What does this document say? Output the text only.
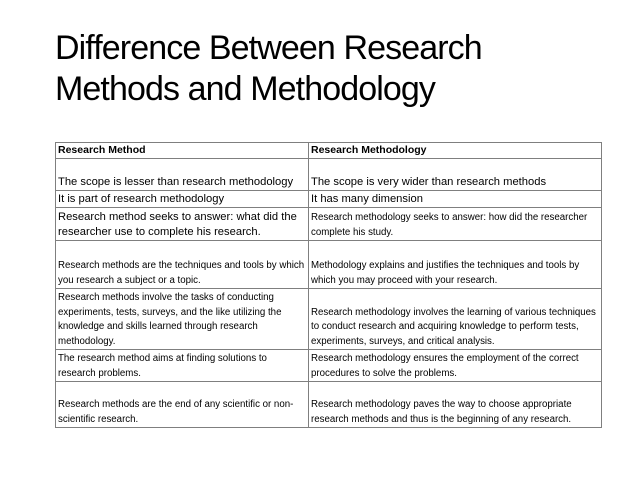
Difference Between Research
Methods and Methodology
Research Method	Research Methodology
The scope is lesser than research methodology	The scope is very wider than research methods
It is part of research methodology	It has many dimension
Research method seeks to answer: what did the researcher use to complete his research.	Research methodology seeks to answer: how did the researcher complete his study.
Research methods are the techniques and tools by which you research a subject or a topic.	Methodology explains and justifies the techniques and tools by which you may proceed with your research.
Research methods involve the tasks of conducting experiments, tests, surveys, and the like utilizing the knowledge and skills learned through research methodology.	Research methodology involves the learning of various techniques to conduct research and acquiring knowledge to perform tests, experiments, surveys, and critical analysis.
The research method aims at finding solutions to research problems.	Research methodology ensures the employment of the correct procedures to solve the problems.
Research methods are the end of any scientific or non-scientific research.	Research methodology paves the way to choose appropriate research methods and thus is the beginning of any research.
